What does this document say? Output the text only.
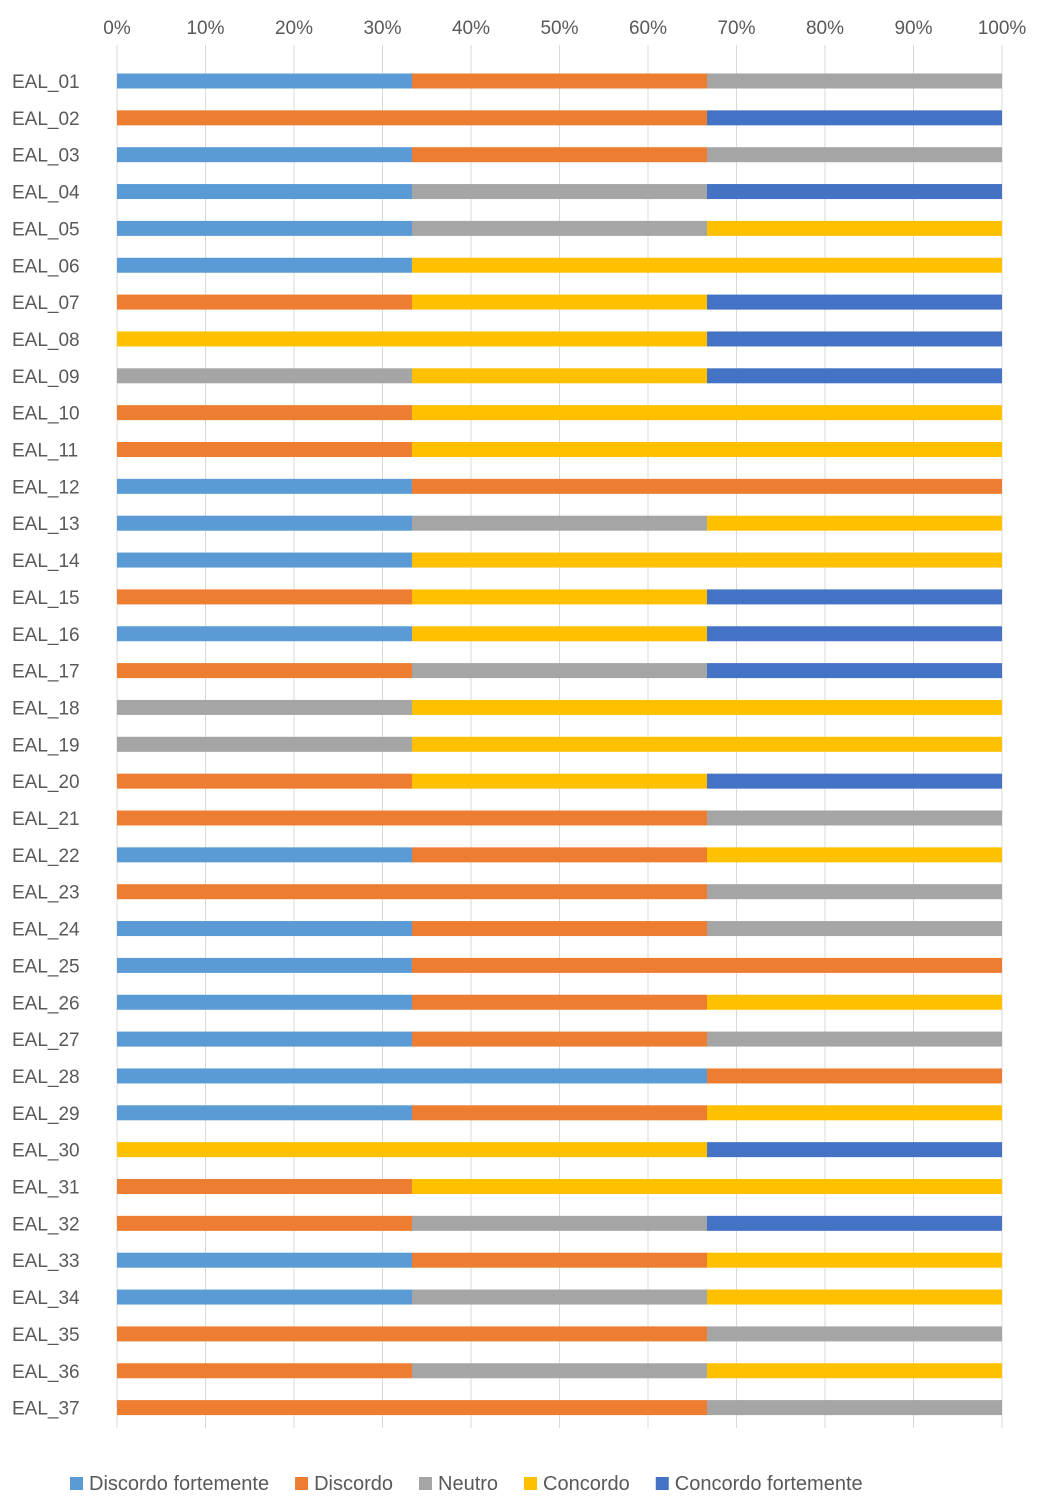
0%	10%	20%	30%	40%	50%	60%	70%	80%	90% 100%
EAL_01
EAL_02
EAL_03
EAL_04
EAL_05
EAL_06
EAL_07
EAL_08
EAL_09
EAL_10
EAL_11
EAL_12
EAL_13
EAL_14
EAL_15
EAL_16
EAL_17
EAL_18
EAL_19
EAL_20
EAL_21
EAL_22
EAL_23
EAL_24
EAL_25
EAL_26
EAL_27
EAL_28
EAL_29
EAL_30
EAL_31
EAL_32
EAL_33
EAL_34
EAL_35
EAL_36
EAL_37
Discordo fortemente Discordo Neutro Concordo Concordo fortemente
